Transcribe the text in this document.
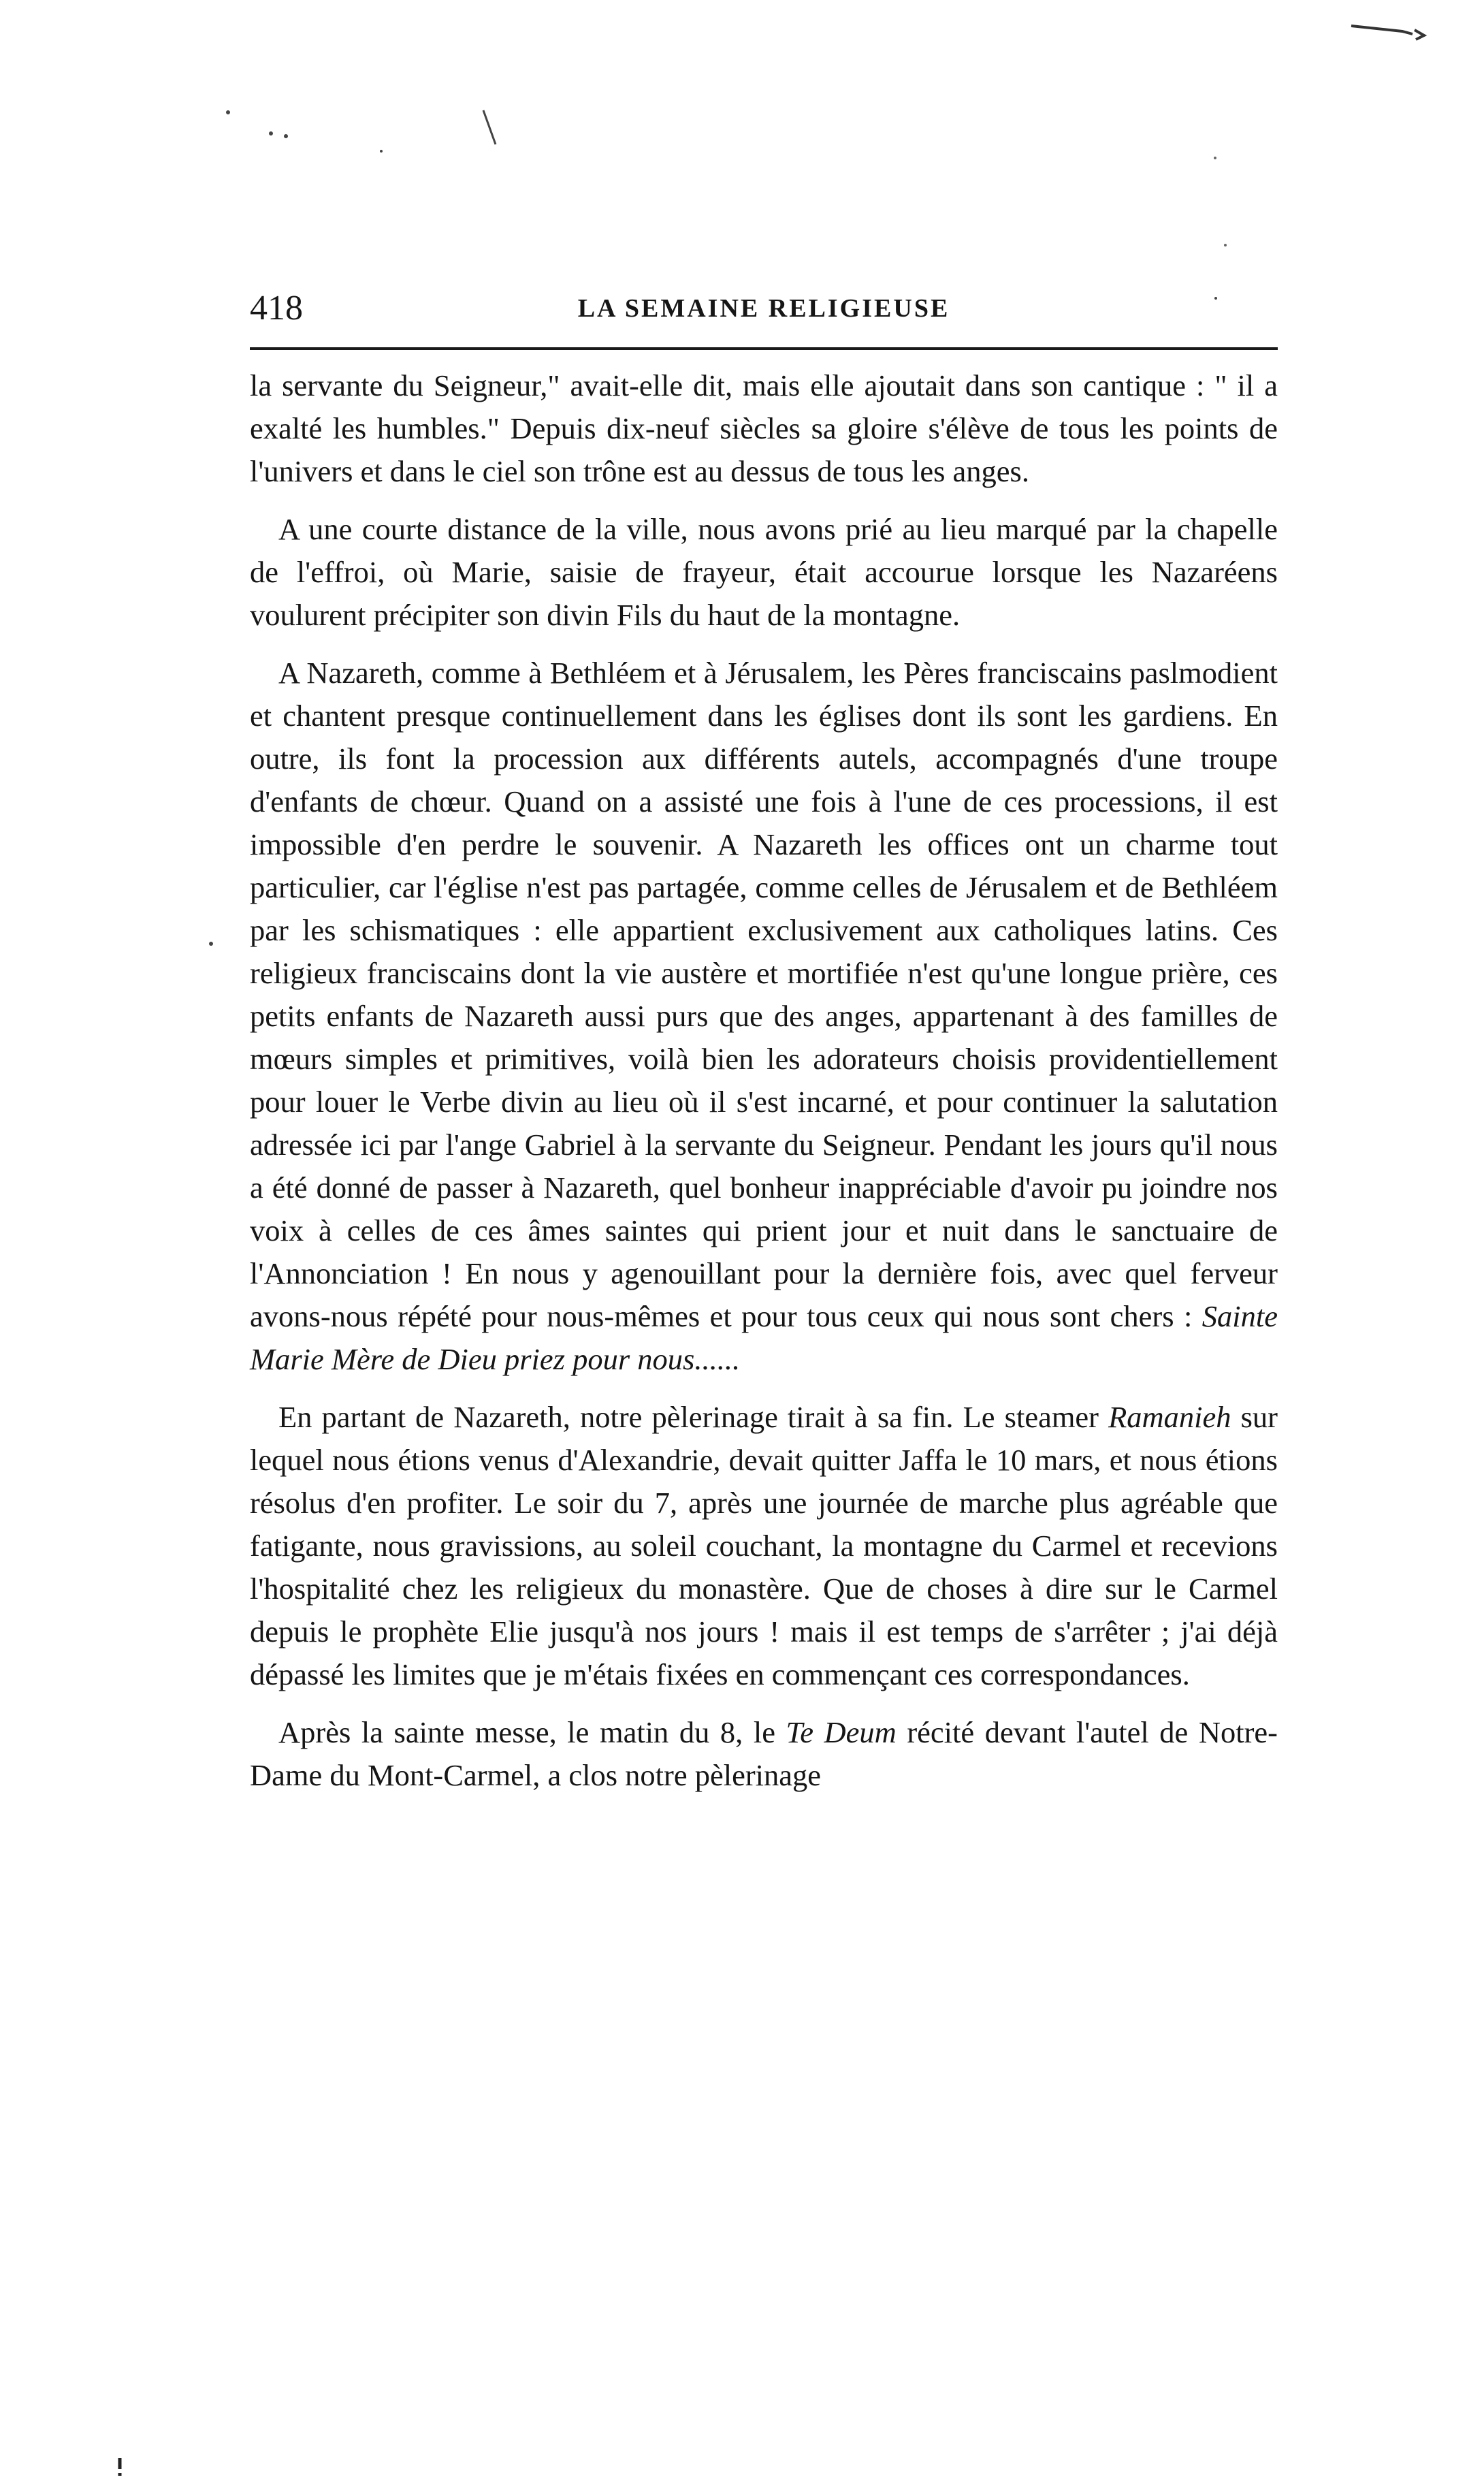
418	LA SEMAINE RELIGIEUSE

la servante du Seigneur," avait-elle dit, mais elle ajoutait dans son cantique : " il a exalté les humbles." Depuis dix-neuf siècles sa gloire s'élève de tous les points de l'univers et dans le ciel son trône est au dessus de tous les anges.

A une courte distance de la ville, nous avons prié au lieu marqué par la chapelle de l'effroi, où Marie, saisie de frayeur, était accourue lorsque les Nazaréens voulurent précipiter son divin Fils du haut de la montagne.

A Nazareth, comme à Bethléem et à Jérusalem, les Pères franciscains paslmodient et chantent presque continuellement dans les églises dont ils sont les gardiens. En outre, ils font la procession aux différents autels, accompagnés d'une troupe d'enfants de chœur. Quand on a assisté une fois à l'une de ces processions, il est impossible d'en perdre le souvenir. A Nazareth les offices ont un charme tout particulier, car l'église n'est pas partagée, comme celles de Jérusalem et de Bethléem par les schismatiques : elle appartient exclusivement aux catholiques latins. Ces religieux franciscains dont la vie austère et mortifiée n'est qu'une longue prière, ces petits enfants de Nazareth aussi purs que des anges, appartenant à des familles de mœurs simples et primitives, voilà bien les adorateurs choisis providentiellement pour louer le Verbe divin au lieu où il s'est incarné, et pour continuer la salutation adressée ici par l'ange Gabriel à la servante du Seigneur. Pendant les jours qu'il nous a été donné de passer à Nazareth, quel bonheur inappréciable d'avoir pu joindre nos voix à celles de ces âmes saintes qui prient jour et nuit dans le sanctuaire de l'Annonciation ! En nous y agenouillant pour la dernière fois, avec quel ferveur avons-nous répété pour nous-mêmes et pour tous ceux qui nous sont chers : Sainte Marie Mère de Dieu priez pour nous......

En partant de Nazareth, notre pèlerinage tirait à sa fin. Le steamer Ramanieh sur lequel nous étions venus d'Alexandrie, devait quitter Jaffa le 10 mars, et nous étions résolus d'en profiter. Le soir du 7, après une journée de marche plus agréable que fatigante, nous gravissions, au soleil couchant, la montagne du Carmel et recevions l'hospitalité chez les religieux du monastère. Que de choses à dire sur le Carmel depuis le prophète Elie jusqu'à nos jours ! mais il est temps de s'arrêter ; j'ai déjà dépassé les limites que je m'étais fixées en commençant ces correspondances.

Après la sainte messe, le matin du 8, le Te Deum récité devant l'autel de Notre-Dame du Mont-Carmel, a clos notre pèlerinage
